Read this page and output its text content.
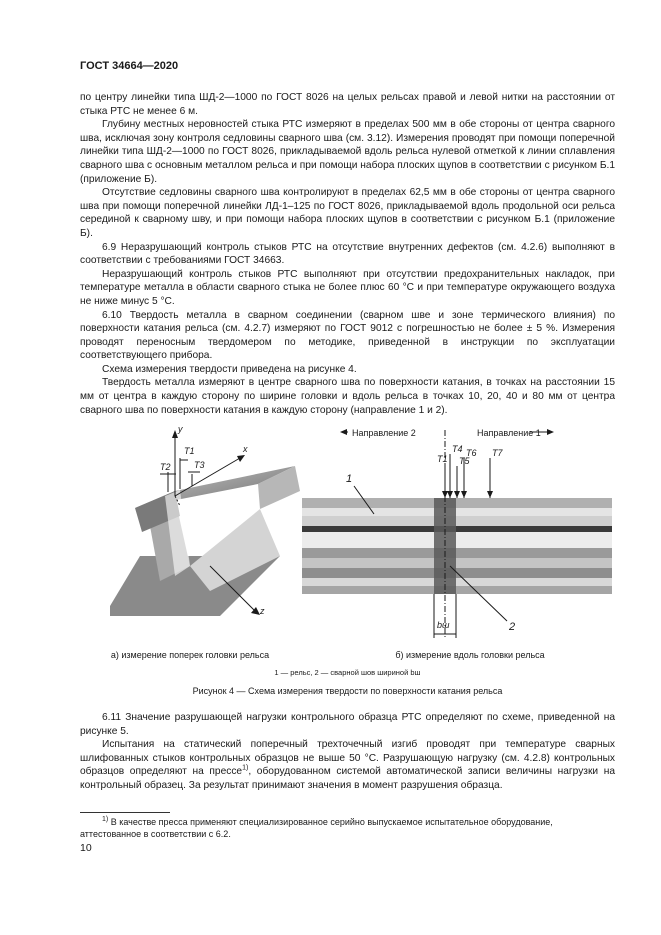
ГОСТ 34664—2020

по центру линейки типа ШД-2—1000 по ГОСТ 8026 на целых рельсах правой и левой нитки на расстоянии от стыка РТС не менее 6 м.

Глубину местных неровностей стыка РТС измеряют в пределах 500 мм в обе стороны от центра сварного шва, исключая зону контроля седловины сварного шва (см. 3.12). Измерения проводят при помощи поперечной линейки типа ШД-2—1000 по ГОСТ 8026, прикладываемой вдоль рельса нулевой отметкой к линии сплавления сварного шва с основным металлом рельса и при помощи набора плоских щупов в соответствии с рисунком Б.1 (приложение Б).

Отсутствие седловины сварного шва контролируют в пределах 62,5 мм в обе стороны от центра сварного шва при помощи поперечной линейки ЛД-1–125 по ГОСТ 8026, прикладываемой вдоль продольной оси рельса серединой к сварному шву, и при помощи набора плоских щупов в соответствии с рисунком Б.1 (приложение Б).

6.9 Неразрушающий контроль стыков РТС на отсутствие внутренних дефектов (см. 4.2.6) выполняют в соответствии с требованиями ГОСТ 34663.

Неразрушающий контроль стыков РТС выполняют при отсутствии предохранительных накладок, при температуре металла в области сварного стыка не более плюс 60 °С и при температуре окружающего воздуха не ниже минус 5 °С.

6.10 Твердость металла в сварном соединении (сварном шве и зоне термического влияния) по поверхности катания рельса (см. 4.2.7) измеряют по ГОСТ 9012 с погрешностью не более ± 5 %. Измерения проводят переносным твердомером по методике, приведенной в инструкции по эксплуатации соответствующего прибора.

Схема измерения твердости приведена на рисунке 4.

Твердость металла измеряют в центре сварного шва по поверхности катания, в точках на расстоянии 15 мм от центра в каждую сторону по ширине головки и вдоль рельса в точках 10, 20, 40 и 80 мм от центра сварного шва по поверхности катания в каждую сторону (направление 1 и 2).

y
x
z
T1
T2	T3
Направление 2	Направление 1
T1
T4
T5
T6 T7
1
2
bш
а) измерение поперек головки рельса	б) измерение вдоль головки рельса
1 — рельс, 2 — сварной шов шириной bш
Рисунок 4 — Схема измерения твердости по поверхности катания рельса

6.11 Значение разрушающей нагрузки контрольного образца РТС определяют по схеме, приведенной на рисунке 5.

Испытания на статический поперечный трехточечный изгиб проводят при температуре сварных шлифованных стыков контрольных образцов не выше 50 °С. Разрушающую нагрузку (см. 4.2.8) контрольных образцов определяют на прессе$^{1)}$, оборудованном системой автоматической записи величины нагрузки на контрольный образец. За результат принимают значения в момент разрушения образца.

$^{1)}$ В качестве пресса применяют специализированное серийно выпускаемое испытательное оборудование, аттестованное в соответствии с 6.2.
10
